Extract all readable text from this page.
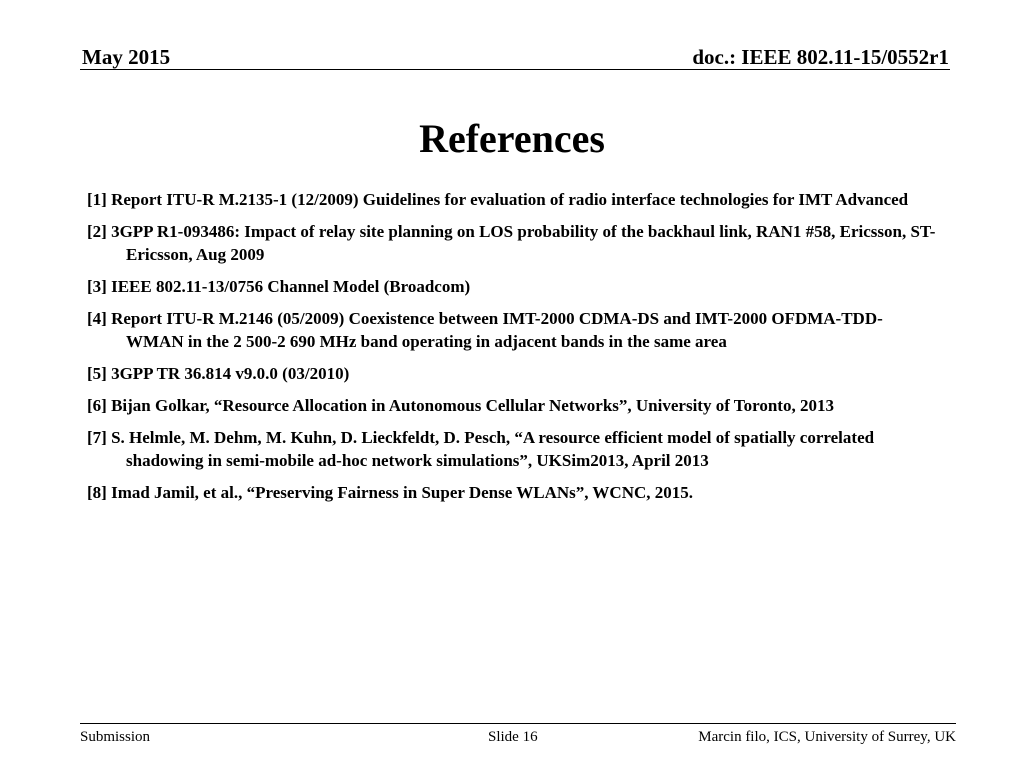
May 2015	doc.: IEEE 802.11-15/0552r1
References
[1] Report ITU-R M.2135-1 (12/2009) Guidelines for evaluation of radio interface technologies for IMT Advanced
[2] 3GPP R1-093486: Impact of relay site planning on LOS probability of the backhaul link, RAN1 #58, Ericsson, ST-Ericsson, Aug 2009
[3] IEEE 802.11-13/0756 Channel Model (Broadcom)
[4] Report ITU-R M.2146 (05/2009) Coexistence between IMT-2000 CDMA-DS and IMT-2000 OFDMA-TDD-WMAN in the 2 500-2 690 MHz band operating in adjacent bands in the same area
[5] 3GPP TR 36.814 v9.0.0 (03/2010)
[6] Bijan Golkar, “Resource Allocation in Autonomous Cellular Networks”, University of Toronto, 2013
[7] S. Helmle, M. Dehm, M. Kuhn, D. Lieckfeldt, D. Pesch, “A resource efficient model of spatially correlated shadowing in semi-mobile ad-hoc network simulations”, UKSim2013, April 2013
[8] Imad Jamil, et al., “Preserving Fairness in Super Dense WLANs”, WCNC, 2015.
Submission	Slide 16	Marcin filo, ICS, University of Surrey, UK
